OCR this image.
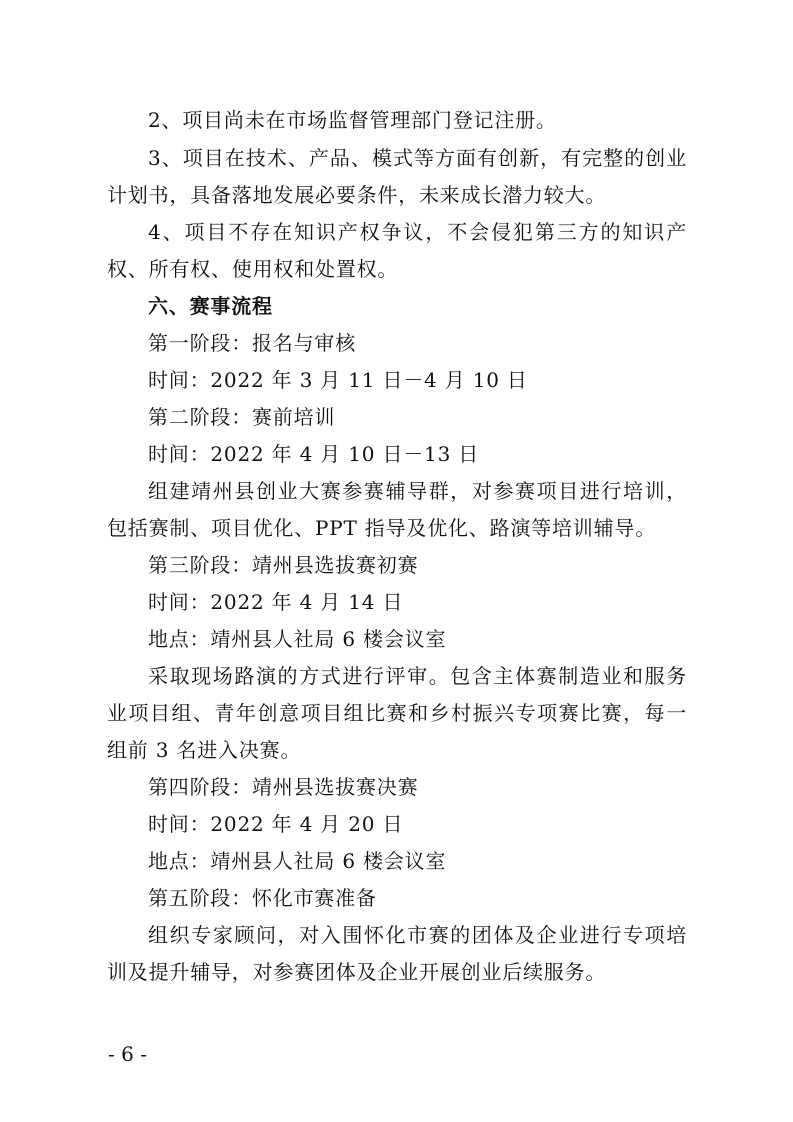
2、项目尚未在市场监督管理部门登记注册。

3、项目在技术、产品、模式等方面有创新，有完整的创业计划书，具备落地发展必要条件，未来成长潜力较大。

4、项目不存在知识产权争议，不会侵犯第三方的知识产权、所有权、使用权和处置权。

六、赛事流程

第一阶段：报名与审核

时间：2022 年 3 月 11 日－4 月 10 日

第二阶段：赛前培训

时间：2022 年 4 月 10 日－13 日

组建靖州县创业大赛参赛辅导群，对参赛项目进行培训，包括赛制、项目优化、PPT 指导及优化、路演等培训辅导。

第三阶段：靖州县选拔赛初赛

时间：2022 年 4 月 14 日

地点：靖州县人社局 6 楼会议室

采取现场路演的方式进行评审。包含主体赛制造业和服务业项目组、青年创意项目组比赛和乡村振兴专项赛比赛，每一组前 3 名进入决赛。

第四阶段：靖州县选拔赛决赛

时间：2022 年 4 月 20 日

地点：靖州县人社局 6 楼会议室

第五阶段：怀化市赛准备

组织专家顾问，对入围怀化市赛的团体及企业进行专项培训及提升辅导，对参赛团体及企业开展创业后续服务。

- 6 -
